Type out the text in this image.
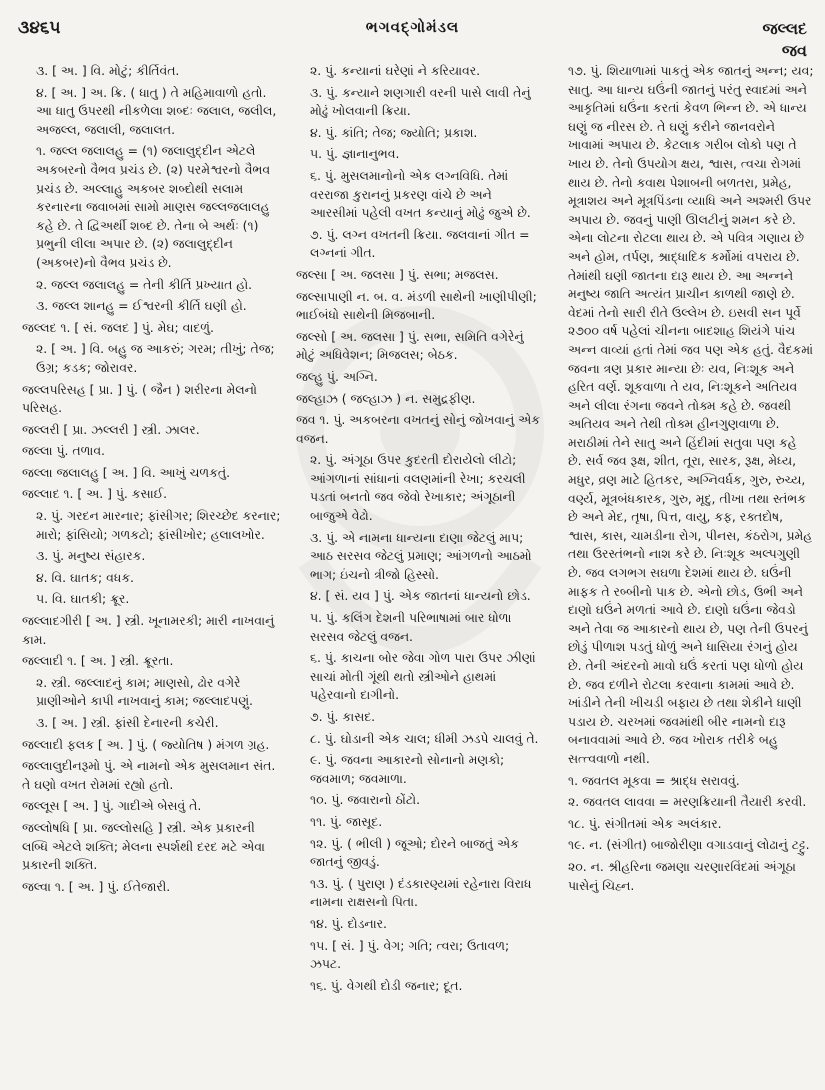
૩૪૬૫	ભગવદ્ગોમંડલ	જલ્લદ
જવ
૩. [ અ. ] વિ. મોટું; કીર્તિવંત.
૪. [ અ. ] અ. ક્રિ. ( ધાતુ ) તે મહિમાવાળો હતો. આ ધાતુ ઉપરથી નીકળેલા શબ્દઃ જલાલ, જલીલ, અજલ્લ, જલાલી, જલાલત.
૧. જલ્લ જલાલહુ = (૧) જલાલુદ્દીન એટલે અકબરનો વૈભવ પ્રચંડ છે. (૨) પરમેશ્વરનો વૈભવ પ્રચંડ છે. અલ્લાહુ અકબર શબ્દોથી સલામ કરનારના જવાબમાં સામો માણસ જલ્લજલાલહુ કહે છે. તે દ્વિઅર્થી શબ્દ છે. તેના બે અર્થઃ (૧) પ્રભુની લીલા અપાર છે. (૨) જલાલુદ્દીન (અકબર)નો વૈભવ પ્રચંડ છે.
૨. જલ્લ જલાલહુ = તેની કીર્તિ પ્રખ્યાત હો.
૩. જલ્લ શાનહુ = ઈશ્વરની કીર્તિ ઘણી હો.
જલ્લદ ૧. [ સં. જલદ ] પું. મેઘ; વાદળું.
૨. [ અ. ] વિ. બહુ જ આકરું; ગરમ; તીખું; તેજ; ઉગ્ર; કડક; જોરાવર.
જલ્લપરિસહ [ પ્રા. ] પું. ( જૈન ) શરીરના મેલનો પરિસહ.
જલ્લરી [ પ્રા. ઝલ્લરી ] સ્ત્રી. ઝાલર.
જલ્લા પું. તળાવ.
જલ્લા જલાલહુ [ અ. ] વિ. આખું ચળકતું.
જલ્લાદ ૧. [ અ. ] પું. કસાઈ.
૨. પું. ગરદન મારનાર; ફાંસીગર; શિરચ્છેદ કરનાર; મારો; ફાંસિયો; ગળકટો; ફાંસીખોર; હલાલખોર.
૩. પું. મનુષ્ય સંહારક.
૪. વિ. ઘાતક; વધક.
૫. વિ. ઘાતકી; ક્રૂર.
જલ્લાદગીરી [ અ. ] સ્ત્રી. ખૂનામરકી; મારી નાખવાનું કામ.
જલ્લાદી ૧. [ અ. ] સ્ત્રી. ક્રૂરતા.
૨. સ્ત્રી. જલ્લાદનું કામ; માણસો, ઢોર વગેરે પ્રાણીઓને કાપી નાખવાનું કામ; જલ્લાદપણું.
૩. [ અ. ] સ્ત્રી. ફાંસી દેનારની કચેરી.
જલ્લાદી ફલક [ અ. ] પું. ( જ્યોતિષ ) મંગળ ગ્રહ.
જલ્લાલુદીનરૂમો પું. એ નામનો એક મુસલમાન સંત. તે ઘણો વખત રોમમાં રહ્યો હતો.
જલ્લૂસ [ અ. ] પું. ગાદીએ બેસવું તે.
જલ્લોષધિ [ પ્રા. જલ્લોસહિ ] સ્ત્રી. એક પ્રકારની લબ્ધિ એટલે શક્તિ; મેલના સ્પર્શથી દરદ મટે એવા પ્રકારની શક્તિ.
જલ્વા ૧. [ અ. ] પું. ઈતેજારી.
૨. પું. કન્યાનાં ઘરેણાં ને કરિયાવર.
૩. પું. કન્યાને શણગારી વરની પાસે લાવી તેનું મોઢું ખોલવાની ક્રિયા.
૪. પું. કાંતિ; તેજ; જ્યોતિ; પ્રકાશ.
૫. પું. જ્ઞાનાનુભવ.
૬. પું. મુસલમાનોનો એક લગ્નવિધિ. તેમાં વરરાજા કુરાનનું પ્રકરણ વાંચે છે અને આરસીમાં પહેલી વખત કન્યાનું મોઢું જુએ છે.
૭. પું. લગ્ન વખતની ક્રિયા. જલવાનાં ગીત = લગ્નનાં ગીત.
જલ્સા [ અ. જલસા ] પું. સભા; મજલસ.
જલ્સાપાણી ન. બ. વ. મંડળી સાથેની ખાણીપીણી; ભાઈબંધો સાથેની મિજબાની.
જલ્સો [ અ. જલસા ] પું. સભા, સમિતિ વગેરેનું મોટું અધિવેશન; મિજલસ; બેઠક.
જલ્હુ પું. અગ્નિ.
જલ્હાઝ ( જલ્હાઝ ) ન. સમુદ્રફીણ.
જવ ૧. પું. અકબરના વખતનું સોનું જોખવાનું એક વજન.
૨. પું. અંગૂઠા ઉપર કુદરતી દોરાયેલો લીટો; આંગળાનાં સાંધાનાં વલણમાંની રેખા; કરચલી પડતાં બનતો જવ જેવો રેખાકાર; અંગૂઠાની બાજુએ વેઢો.
૩. પું. એ નામના ધાન્યના દાણા જેટલું માપ; આઠ સરસવ જેટલું પ્રમાણ; આંગળનો આઠમો ભાગ; ઇંચનો ત્રીજો હિસ્સો.
૪. [ સં. યવ ] પું. એક જાતનાં ધાન્યનો છોડ.
૫. પું. કલિંગ દેશની પરિભાષામાં બાર ધોળા સરસવ જેટલું વજન.
૬. પું. કાચના બોર જેવા ગોળ પારા ઉપર ઝીણાં સાચાં મોતી ગૂંથી થતો સ્ત્રીઓને હાથમાં પહેરવાનો દાગીનો.
૭. પું. કાસદ.
૮. પું. ઘોડાની એક ચાલ; ધીમી ઝડપે ચાલવું તે.
૯. પું. જવના આકારનો સોનાનો મણકો; જવમાળ; જવમાળા.
૧૦. પું. જવારાનો ઠોંટો.
૧૧. પું. જાસૂદ.
૧૨. પું. ( ભીલી ) જૂઓ; દોરને બાજતું એક જાતનું જીવડું.
૧૩. પું. ( પુરાણ ) દંડકારણ્યમાં રહેનારા વિરાધ નામના રાક્ષસનો પિતા.
૧૪. પું. દોડનાર.
૧૫. [ સં. ] પું. વેગ; ગતિ; ત્વરા; ઉતાવળ; ઝપટ.
૧૬. પું. વેગથી દોડી જનાર; દૂત.
૧૭. પું. શિયાળામાં પાકતું એક જાતનું અન્ન; યવ; સાતુ. આ ધાન્ય ઘઉંની જાતનું પરંતુ સ્વાદમાં અને આકૃતિમાં ઘઉંના કરતાં કેવળ ભિન્ન છે. એ ધાન્ય ઘણું જ નીરસ છે. તે ઘણું કરીને જાનવરોને ખાવામાં અપાય છે. કેટલાક ગરીબ લોકો પણ તે ખાય છે. તેનો ઉપયોગ ક્ષય, શ્વાસ, ત્વચા રોગમાં થાય છે. તેનો કવાથ પેશાબની બળતરા, પ્રમેહ, મૂત્રાશય અને મૂત્રપિંડના વ્યાધિ અને અશ્મરી ઉપર અપાય છે. જવનું પાણી ઊલટીનું શમન કરે છે. એના લોટના રોટલા થાય છે. એ પવિત્ર ગણાય છે અને હોમ, તર્પણ, શ્રાદ્ધાદિક કર્મોમાં વપરાય છે. તેમાંથી ઘણી જાતના દારૂ થાય છે. આ અન્નને મનુષ્ય જાતિ અત્યંત પ્રાચીન કાળથી જાણે છે. વેદમાં તેનો સારી રીતે ઉલ્લેખ છે. ઇસવી સન પૂર્વે ૨૭૦૦ વર્ષ પહેલાં ચીનના બાદશાહ શિયંગે પાંચ અન્ન વાવ્યાં હતાં તેમાં જવ પણ એક હતું. વૈદકમાં જવના ત્રણ પ્રકાર માન્યા છેઃ યવ, નિઃશૂક અને હરિત વર્ણ. શૂકવાળા તે યવ, નિઃશૂકને અતિયવ અને લીલા રંગના જવને તોક્મ કહે છે. જવથી અતિયવ અને તેથી તોક્મ હીનગુણવાળા છે. મરાઠીમાં તેને સાતુ અને હિંદીમાં સતુવા પણ કહે છે. સર્વ જવ રૂક્ષ, શીત, તૂરા, સારક, રૂક્ષ, મેધ્ય, મધુર, વ્રણ માટે હિતકર, અગ્નિવર્ધક, ગુરુ, રુચ્ય, વર્ણ્ય, મૂત્રબંધકારક, ગુરુ, મૃદુ, તીખા તથા સ્તંભક છે અને મેદ, તૃષા, પિત્ત, વાયુ, કફ, રક્તદોષ, શ્વાસ, કાસ, ચામડીના રોગ, પીનસ, કંઠરોગ, પ્રમેહ તથા ઉરસ્તંભનો નાશ કરે છે. નિઃશૂક અલ્પગુણી છે. જવ લગભગ સઘળા દેશમાં થાય છે. ઘઉંની માફક તે રબ્બીનો પાક છે. એનો છોડ, ઉભી અને દાણો ઘઉંને મળતાં આવે છે. દાણો ઘઉંના જેવડો અને તેવા જ આકારનો થાય છે, પણ તેની ઉપરનું છોડું પીળાશ પડતું ધોળું અને ધાસિયા રંગનું હોય છે. તેની અંદરનો માવો ઘઉં કરતાં પણ ધોળો હોય છે. જવ દળીને રોટલા કરવાના કામમાં આવે છે. ખાંડીને તેની ખીચડી બફાય છે તથા શેકીને ધાણી પડાય છે. ચરખમાં જવમાંથી બીર નામનો દારૂ બનાવવામાં આવે છે. જવ ખોરાક તરીકે બહુ સત્ત્વવાળો નથી.
૧. જવતલ મૂકવા = શ્રાદ્ધ સરાવવું.
૨. જવતલ લાવવા = મરણક્રિયાની તૈયારી કરવી.
૧૮. પું. સંગીતમાં એક અલંકાર.
૧૯. ન. (સંગીત) બાજોરીણા વગાડવાનું લોઢાનું ટટ્ટુ.
૨૦. ન. શ્રીહરિના જમણા ચરણારવિંદમાં અંગૂઠા પાસેનું ચિહ્ન.
